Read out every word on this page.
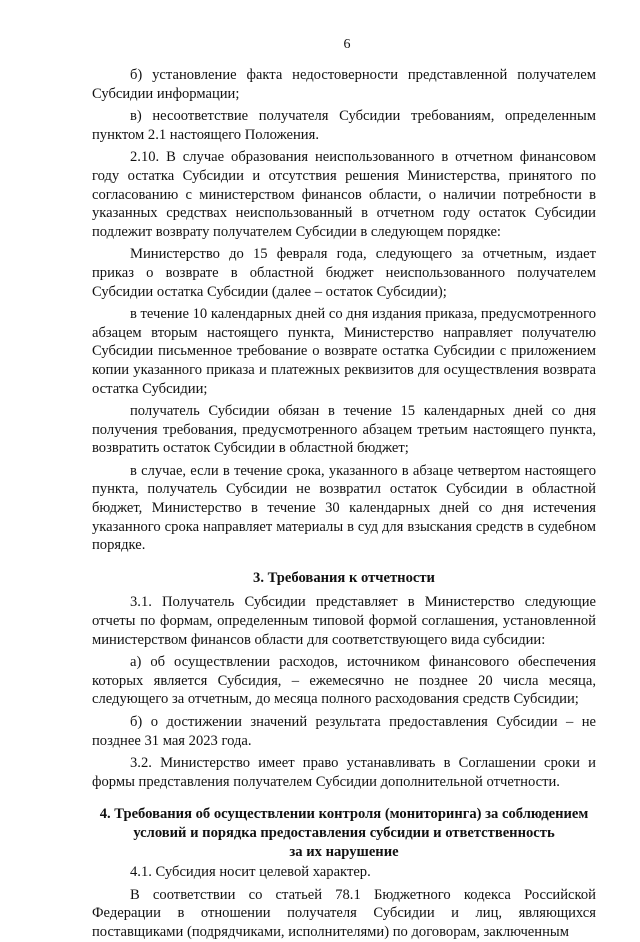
6

б) установление факта недостоверности представленной получателем Субсидии информации;

в) несоответствие получателя Субсидии требованиям, определенным пунктом 2.1 настоящего Положения.

2.10. В случае образования неиспользованного в отчетном финансовом году остатка Субсидии и отсутствия решения Министерства, принятого по согласованию с министерством финансов области, о наличии потребности в указанных средствах неиспользованный в отчетном году остаток Субсидии подлежит возврату получателем Субсидии в следующем порядке:

Министерство до 15 февраля года, следующего за отчетным, издает приказ о возврате в областной бюджет неиспользованного получателем Субсидии остатка Субсидии (далее – остаток Субсидии);

в течение 10 календарных дней со дня издания приказа, предусмотренного абзацем вторым настоящего пункта, Министерство направляет получателю Субсидии письменное требование о возврате остатка Субсидии с приложением копии указанного приказа и платежных реквизитов для осуществления возврата остатка Субсидии;

получатель Субсидии обязан в течение 15 календарных дней со дня получения требования, предусмотренного абзацем третьим настоящего пункта, возвратить остаток Субсидии в областной бюджет;

в случае, если в течение срока, указанного в абзаце четвертом настоящего пункта, получатель Субсидии не возвратил остаток Субсидии в областной бюджет, Министерство в течение 30 календарных дней со дня истечения указанного срока направляет материалы в суд для взыскания средств в судебном порядке.

3. Требования к отчетности

3.1. Получатель Субсидии представляет в Министерство следующие отчеты по формам, определенным типовой формой соглашения, установленной министерством финансов области для соответствующего вида субсидии:

а) об осуществлении расходов, источником финансового обеспечения которых является Субсидия, – ежемесячно не позднее 20 числа месяца, следующего за отчетным, до месяца полного расходования средств Субсидии;

б) о достижении значений результата предоставления Субсидии – не позднее 31 мая 2023 года.

3.2. Министерство имеет право устанавливать в Соглашении сроки и формы представления получателем Субсидии дополнительной отчетности.

4. Требования об осуществлении контроля (мониторинга) за соблюдением
условий и порядка предоставления субсидии и ответственность
за их нарушение

4.1. Субсидия носит целевой характер.

В соответствии со статьей 78.1 Бюджетного кодекса Российской Федерации в отношении получателя Субсидии и лиц, являющихся поставщиками (подрядчиками, исполнителями) по договорам, заключенным
